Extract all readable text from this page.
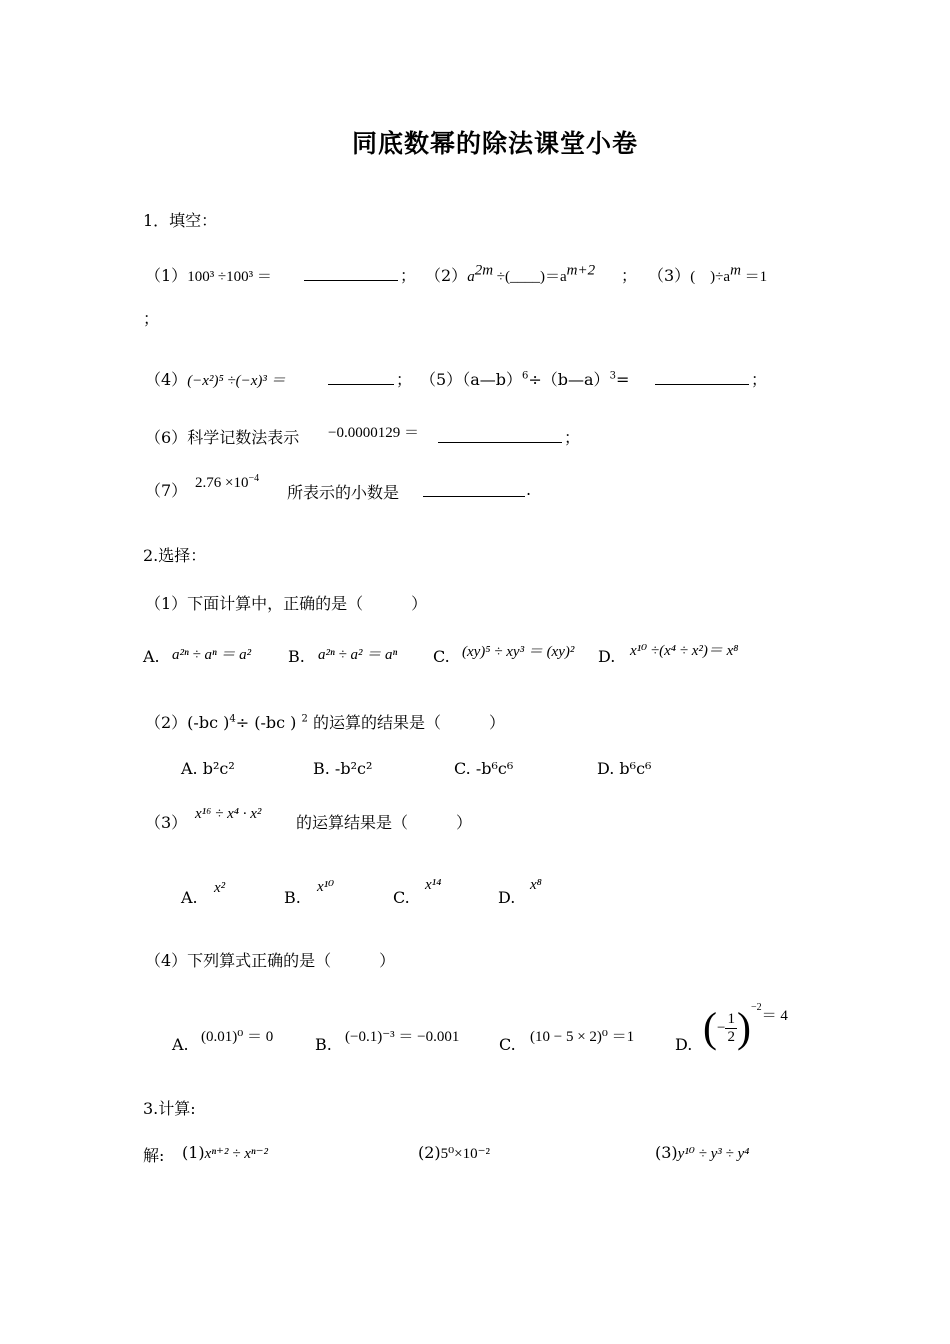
同底数幂的除法课堂小卷
1．填空：
（1）100³ ÷100³ ＝	； $(2)a^{2m}$ $\div(\_\_\_\_)=a^{m+2}$ ； （3）(　)$\div a^m =1$
；
（4）(−x²)⁵ ÷(−x)³ ＝	； （5）（a—b）$^6$÷（b—a）$^3$=	；
（6）科学记数法表示 −0.0000129 ＝	；
（7） $2.76 \times 10^{-4}$
所表示的小数是	.
2.选择：
（1）下面计算中，正确的是（　　　）
A. a²ⁿ ÷ aⁿ ＝ a² B. a²ⁿ ÷ a² ＝ aⁿ C. (xy)⁵ ÷ xy³ ＝ (xy)² D. x¹⁰ ÷(x⁴ ÷ x²)＝ x⁸
（2）(-bc )$^4$÷ (-bc ) $^2$ 的运算的结果是（　　　）
A. b²c²	B. -b²c²	C. -b⁶c⁶	D. b⁶c⁶
（3） x¹⁶ ÷ x⁴ · x² 的运算结果是（　　　）
A. x²	B.
x¹⁰
C.
x¹⁴
D.
x⁸
（4）下列算式正确的是（　　　）
A. (0.01)⁰ ＝ 0	B. (−0.1)⁻³ ＝ −0.001 C. (10 − 5 × 2)⁰ ＝1	D. (− $\frac{1}{2} )^{-2}= 4$
3.计算:
解: (1)xⁿ⁺² ÷ xⁿ⁻²	(2)5⁰×10⁻²	(3)y¹⁰ ÷ y³ ÷ y⁴
